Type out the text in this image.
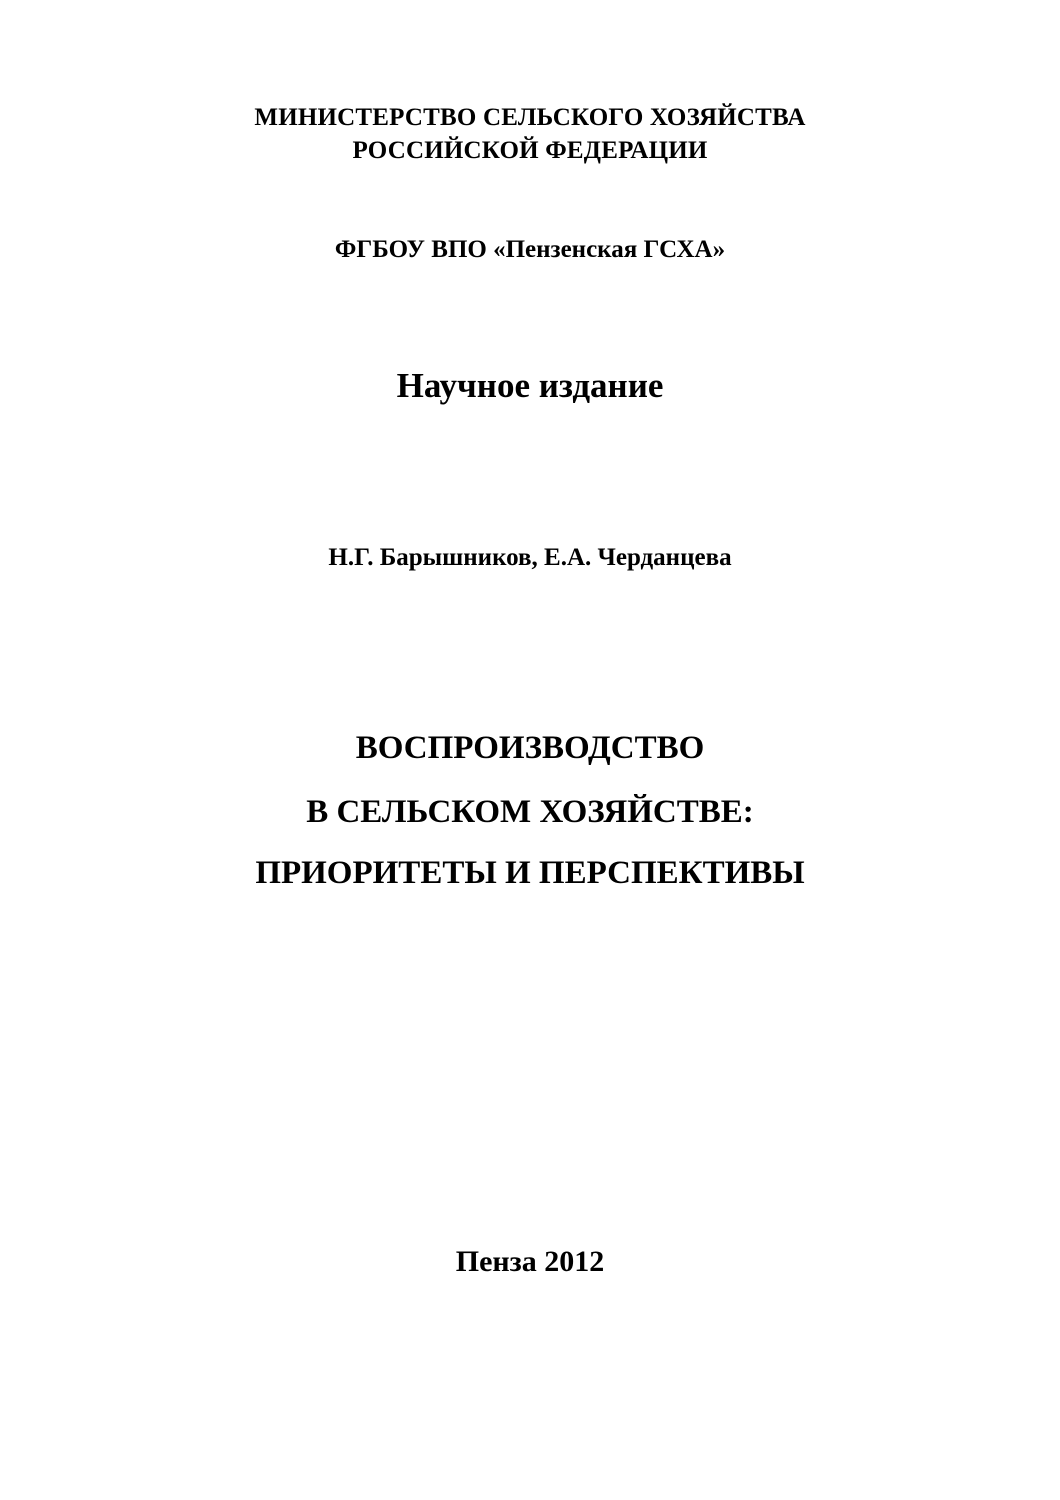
МИНИСТЕРСТВО СЕЛЬСКОГО ХОЗЯЙСТВА
РОССИЙСКОЙ ФЕДЕРАЦИИ
ФГБОУ ВПО «Пензенская ГСХА»
Научное издание
Н.Г. Барышников, Е.А. Черданцева
ВОСПРОИЗВОДСТВО
В СЕЛЬСКОМ ХОЗЯЙСТВЕ:
ПРИОРИТЕТЫ И ПЕРСПЕКТИВЫ
Пенза 2012
